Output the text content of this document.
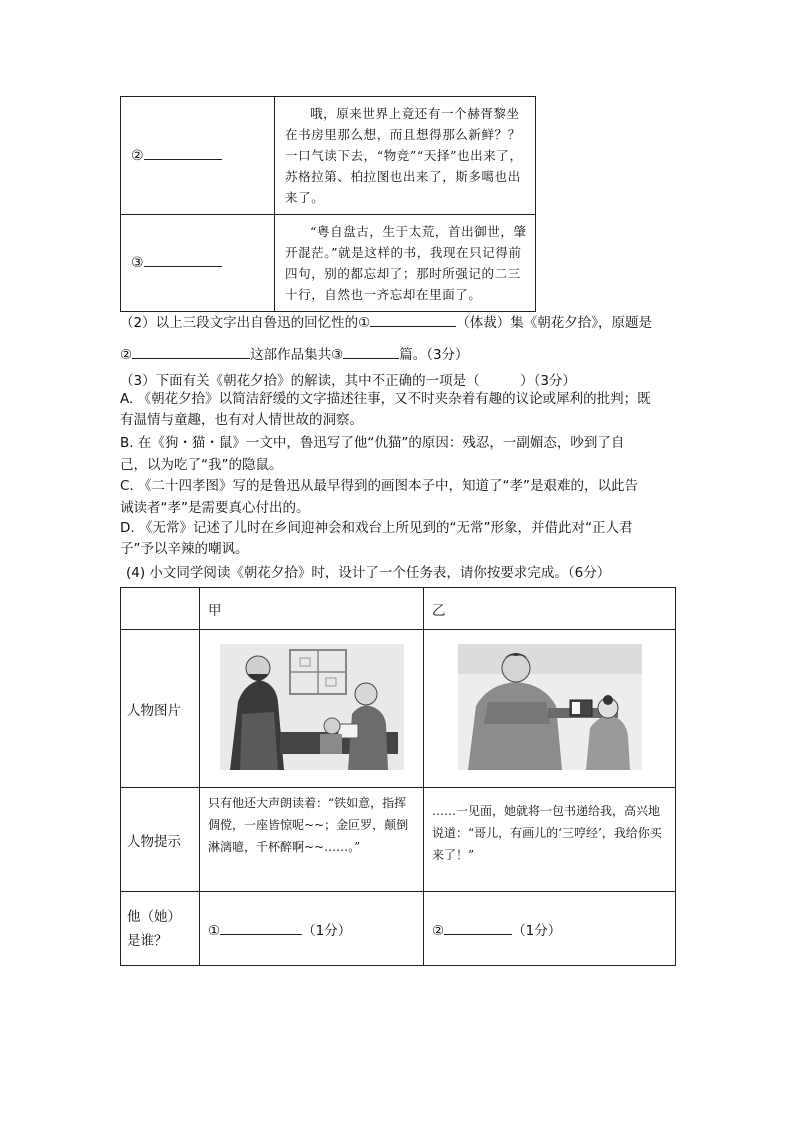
②	哦，原来世界上竟还有一个赫胥黎坐在书房里那么想，而且想得那么新鲜？？一口气读下去，“物竞”“天择”也出来了，苏格拉第、柏拉图也出来了，斯多噶也出来了。
③	“粤自盘古，生于太荒，首出御世，肇开混茫。”就是这样的书，我现在只记得前四句，别的都忘却了；那时所强记的二三十行，自然也一齐忘却在里面了。
（2）以上三段文字出自鲁迅的回忆性的①	（体裁）集《朝花夕拾》，原题是
②	这部作品集共③	篇。（3分）
（3）下面有关《朝花夕拾》的解读，其中不正确的一项是（　　　）（3分）
A. 《朝花夕拾》以简洁舒缓的文字描述往事，又不时夹杂着有趣的议论或犀利的批判；既
有温情与童趣，也有对人情世故的洞察。
B. 在《狗・猫・鼠》一文中，鲁迅写了他“仇猫”的原因：残忍，一副媚态，吵到了自
己，以为吃了“我”的隐鼠。
C. 《二十四孝图》写的是鲁迅从最早得到的画图本子中，知道了“孝”是艰难的，以此告
诫读者“孝”是需要真心付出的。
D. 《无常》记述了儿时在乡间迎神会和戏台上所见到的“无常”形象，并借此对“正人君
子”予以辛辣的嘲讽。
(4) 小文同学阅读《朝花夕拾》时，设计了一个任务表，请你按要求完成。（6分）
	甲	乙
人物图片		
人物提示	只有他还大声朗读着：“铁如意，指挥倜傥，一座皆惊呢~~；金叵罗，颠倒淋漓噫，千杯醉啊~~……。”	……一见面，她就将一包书递给我，高兴地说道：“哥儿，有画儿的‘三哼经’，我给你买来了！”

他（她）
是谁？	① （1分）	② （1分）
